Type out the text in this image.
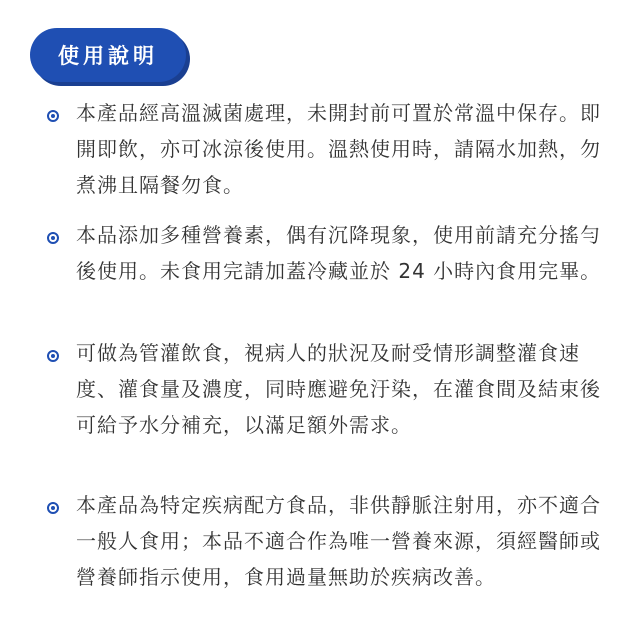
使用說明

本產品經高溫滅菌處理，未開封前可置於常溫中保存。即開即飲，亦可冰涼後使用。溫熱使用時，請隔水加熱，勿煮沸且隔餐勿食。

本品添加多種營養素，偶有沉降現象，使用前請充分搖勻後使用。未食用完請加蓋冷藏並於 24 小時內食用完畢。

可做為管灌飲食，視病人的狀況及耐受情形調整灌食速度、灌食量及濃度，同時應避免汙染，在灌食間及結束後可給予水分補充，以滿足額外需求。

本產品為特定疾病配方食品，非供靜脈注射用，亦不適合一般人食用；本品不適合作為唯一營養來源，須經醫師或營養師指示使用，食用過量無助於疾病改善。
